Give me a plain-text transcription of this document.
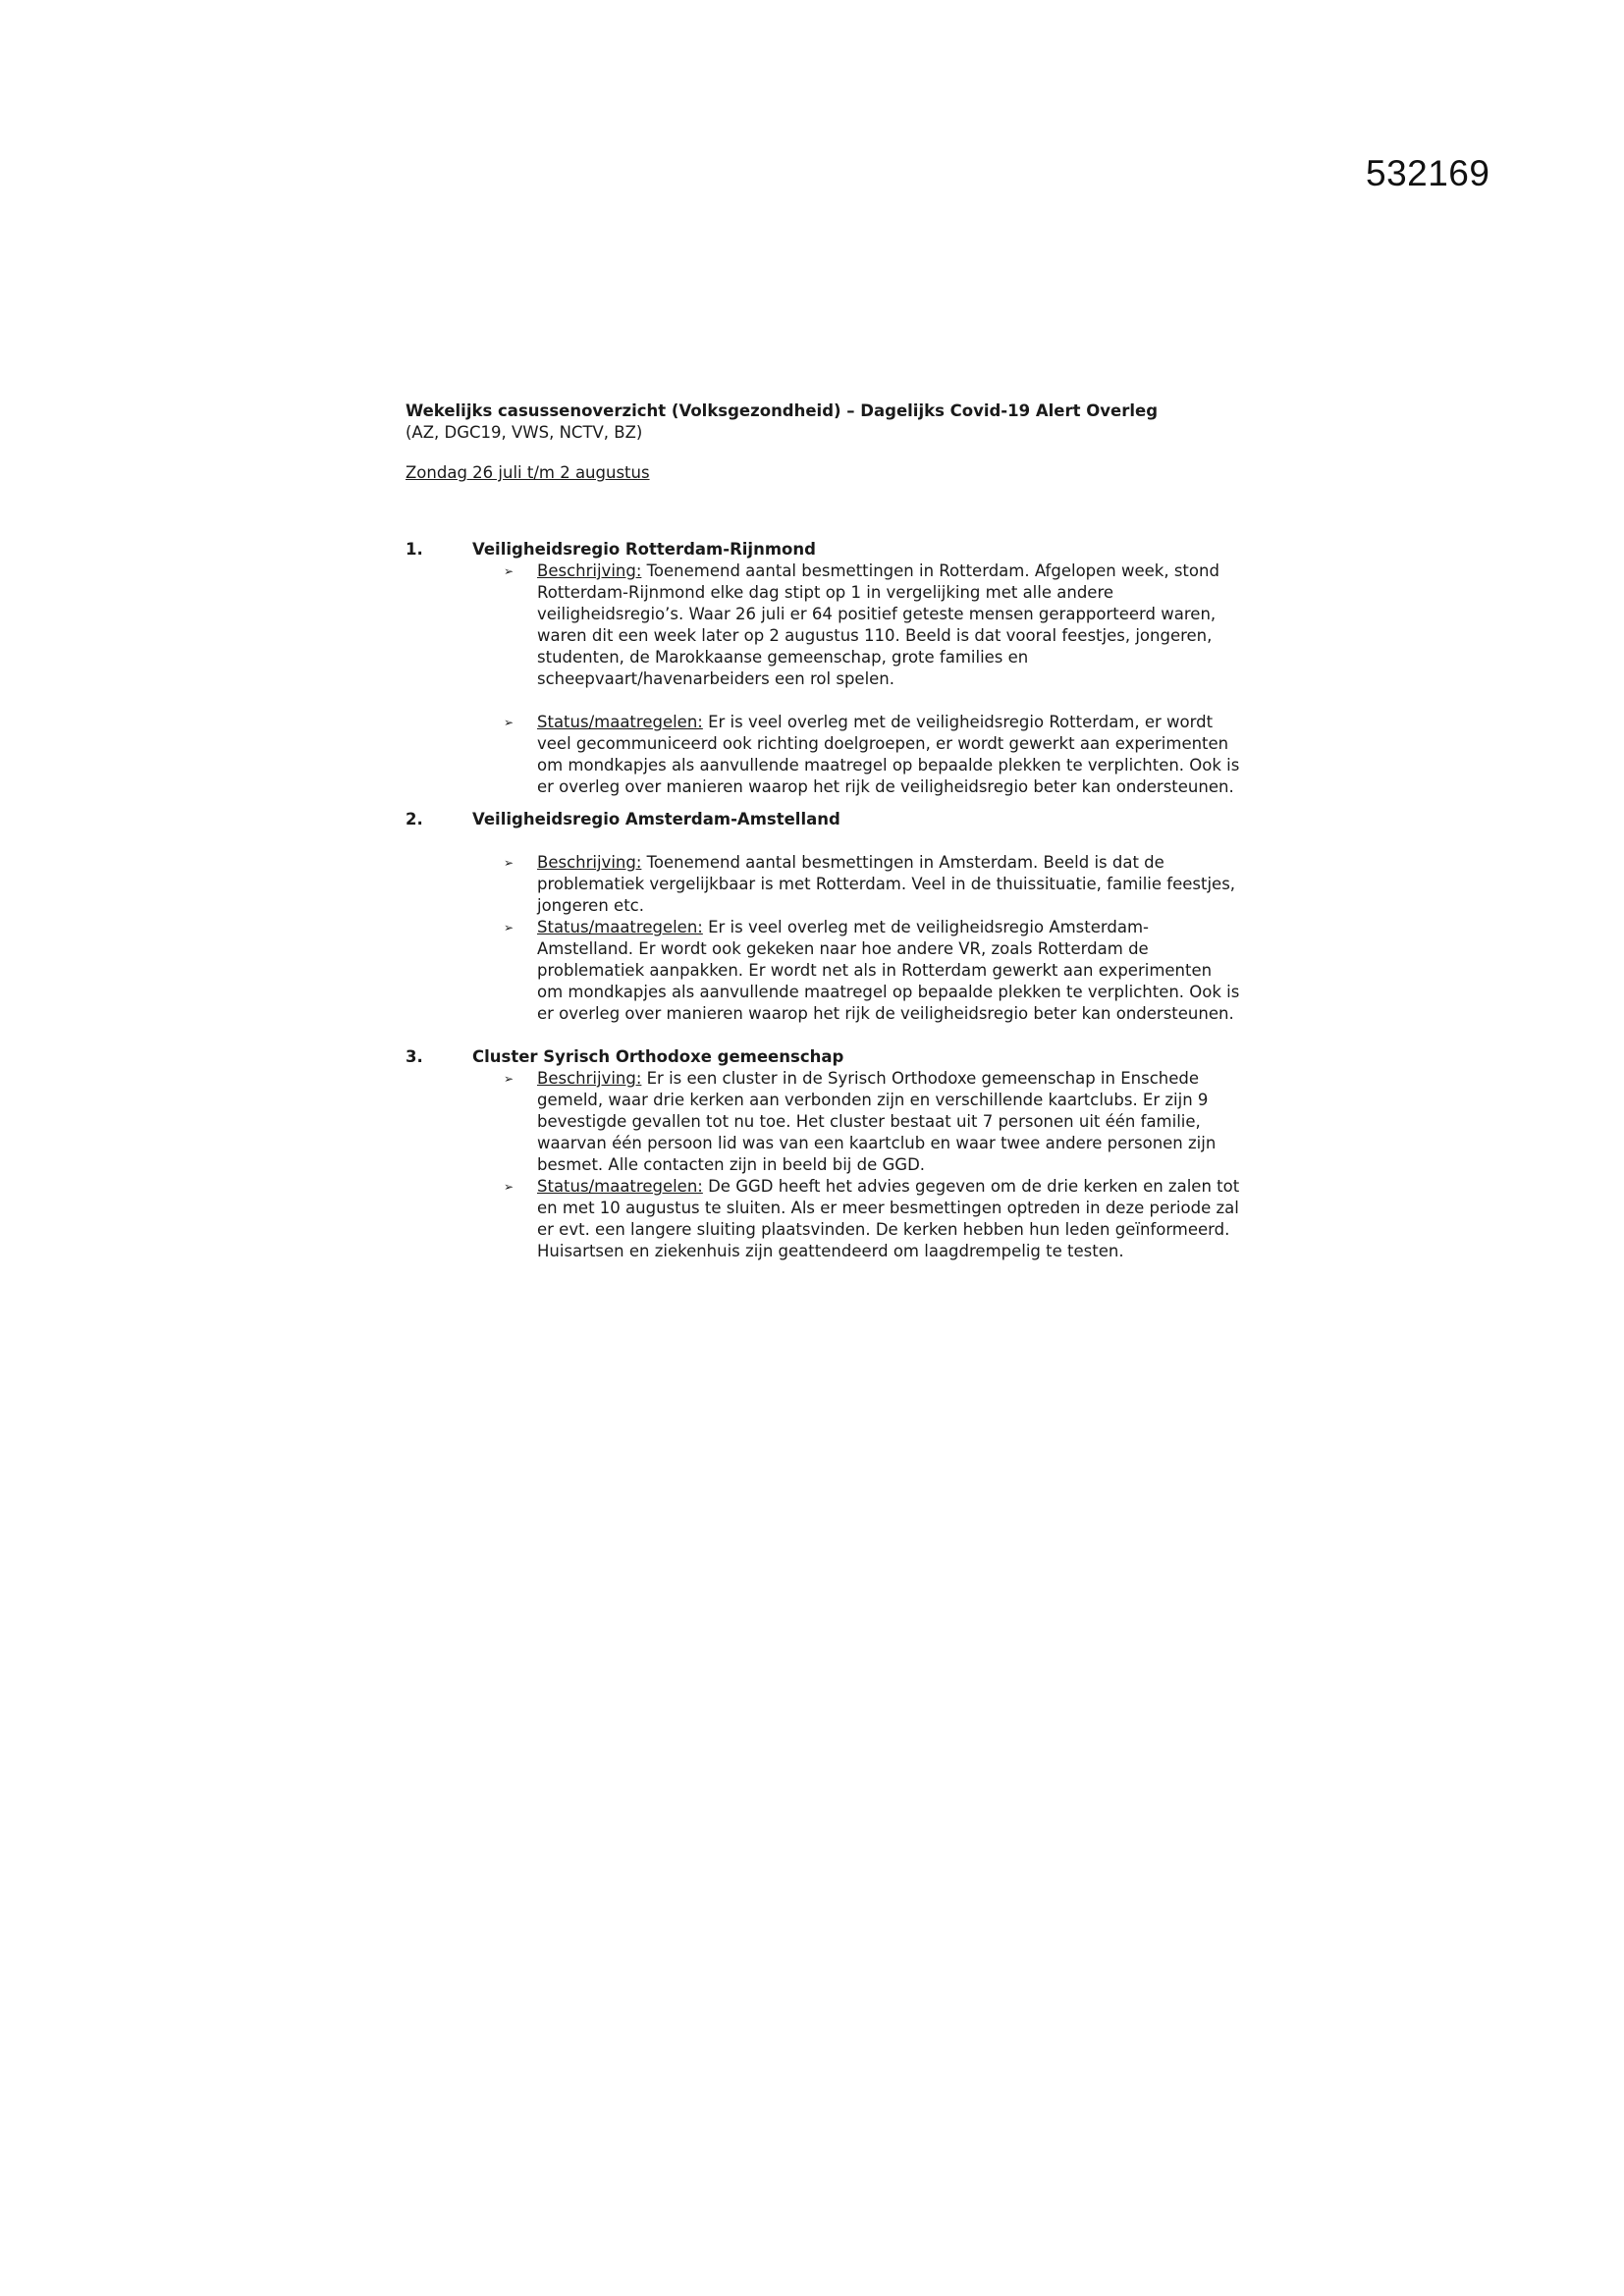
532169

Wekelijks casussenoverzicht (Volksgezondheid) – Dagelijks Covid-19 Alert Overleg

(AZ, DGC19, VWS, NCTV, BZ)

Zondag 26 juli t/m 2 augustus
1.	Veiligheidsregio Rotterdam-Rijnmond
➢	Beschrijving: Toenemend aantal besmettingen in Rotterdam. Afgelopen week, stond Rotterdam-Rijnmond elke dag stipt op 1 in vergelijking met alle andere veiligheidsregio’s. Waar 26 juli er 64 positief geteste mensen gerapporteerd waren, waren dit een week later op 2 augustus 110. Beeld is dat vooral feestjes, jongeren, studenten, de Marokkaanse gemeenschap, grote families en scheepvaart/havenarbeiders een rol spelen.
➢	Status/maatregelen: Er is veel overleg met de veiligheidsregio Rotterdam, er wordt veel gecommuniceerd ook richting doelgroepen, er wordt gewerkt aan experimenten om mondkapjes als aanvullende maatregel op bepaalde plekken te verplichten. Ook is er overleg over manieren waarop het rijk de veiligheidsregio beter kan ondersteunen.
2.	Veiligheidsregio Amsterdam-Amstelland
➢	Beschrijving: Toenemend aantal besmettingen in Amsterdam. Beeld is dat de problematiek vergelijkbaar is met Rotterdam. Veel in de thuissituatie, familie feestjes, jongeren etc.
➢	Status/maatregelen: Er is veel overleg met de veiligheidsregio Amsterdam-Amstelland. Er wordt ook gekeken naar hoe andere VR, zoals Rotterdam de problematiek aanpakken. Er wordt net als in Rotterdam gewerkt aan experimenten om mondkapjes als aanvullende maatregel op bepaalde plekken te verplichten. Ook is er overleg over manieren waarop het rijk de veiligheidsregio beter kan ondersteunen.
3.	Cluster Syrisch Orthodoxe gemeenschap
➢	Beschrijving: Er is een cluster in de Syrisch Orthodoxe gemeenschap in Enschede gemeld, waar drie kerken aan verbonden zijn en verschillende kaartclubs. Er zijn 9 bevestigde gevallen tot nu toe. Het cluster bestaat uit 7 personen uit één familie, waarvan één persoon lid was van een kaartclub en waar twee andere personen zijn besmet. Alle contacten zijn in beeld bij de GGD.
➢	Status/maatregelen: De GGD heeft het advies gegeven om de drie kerken en zalen tot en met 10 augustus te sluiten. Als er meer besmettingen optreden in deze periode zal er evt. een langere sluiting plaatsvinden. De kerken hebben hun leden geïnformeerd. Huisartsen en ziekenhuis zijn geattendeerd om laagdrempelig te testen.
